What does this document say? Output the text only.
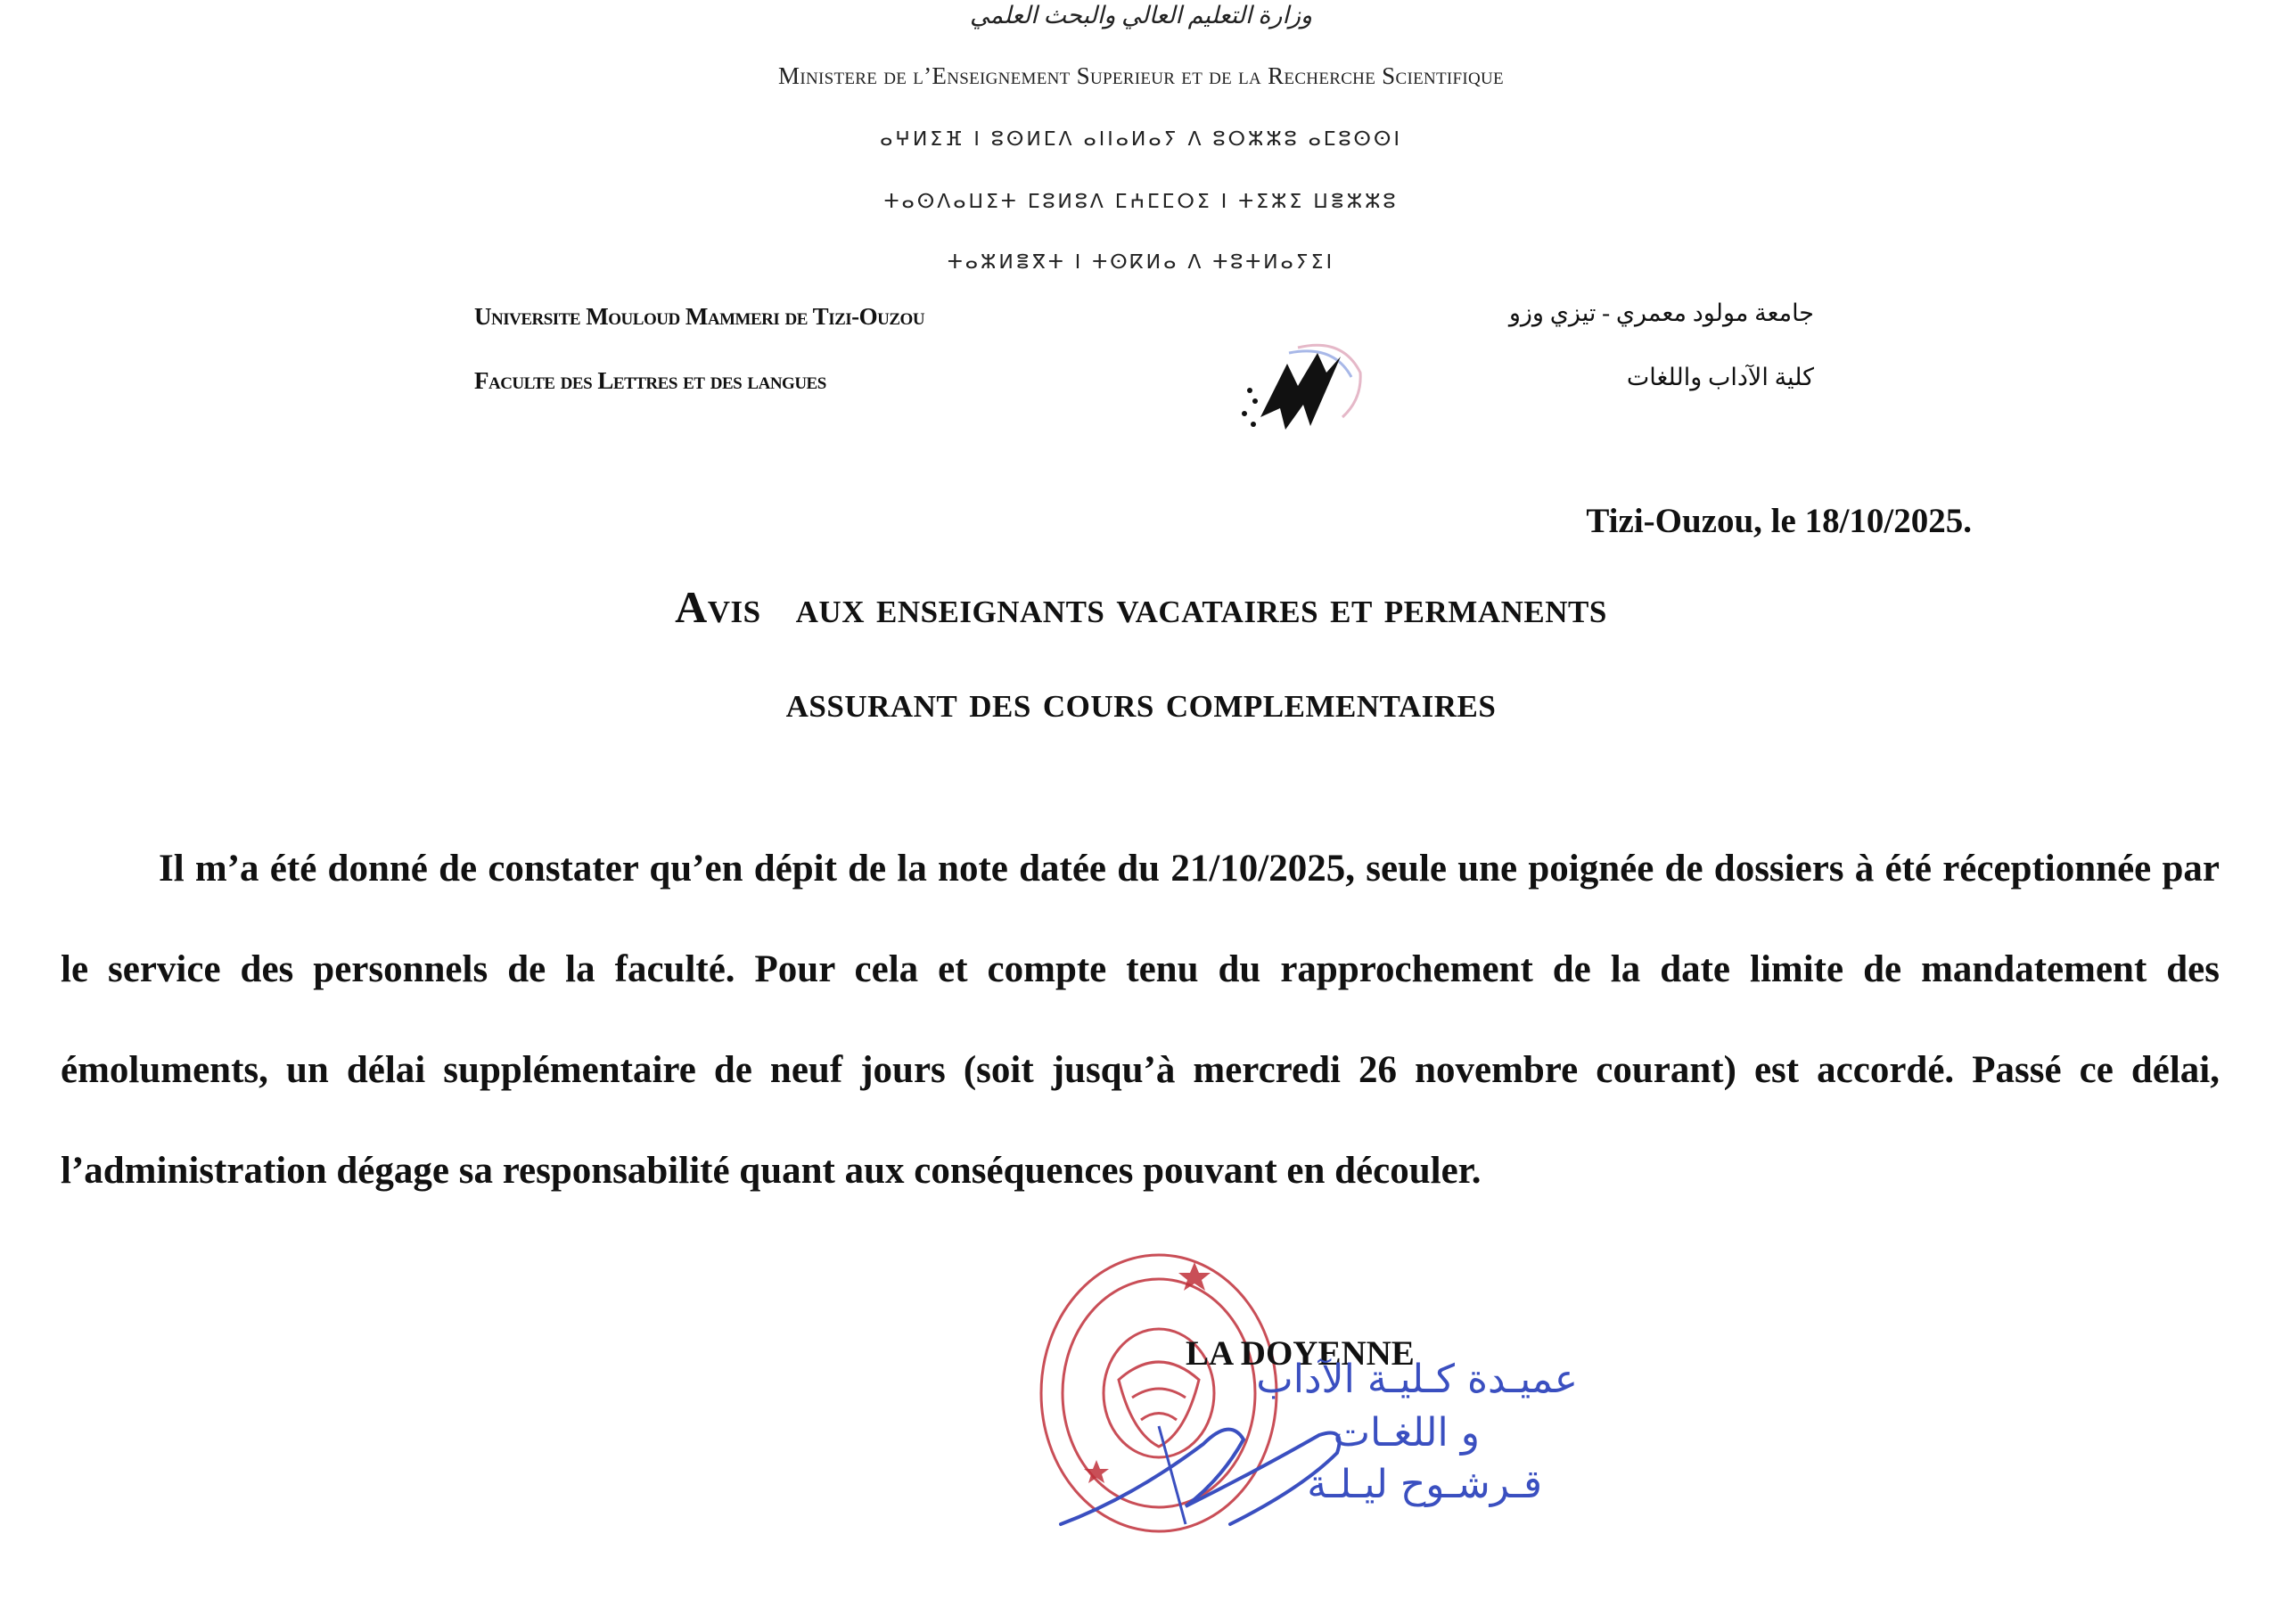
وزارة التعليم العالي والبحث العلمي
Ministere de l’Enseignement Superieur et de la Recherche Scientifique
ⴰⵖⵍⵉⴼ ⵏ ⵓⵙⵍⵎⴷ ⴰⵏⵏⴰⵍⴰⵢ ⴷ ⵓⵔⵣⵣⵓ ⴰⵎⵓⵙⵙⵏ
ⵜⴰⵙⴷⴰⵡⵉⵜ ⵎⵓⵍⵓⴷ ⵎⵄⵎⵎⵔⵉ ⵏ ⵜⵉⵣⵉ ⵡⴻⵣⵣⵓ
ⵜⴰⵣⵍⴻⴳⵜ ⵏ ⵜⵙⴽⵍⴰ ⴷ ⵜⵓⵜⵍⴰⵢⵉⵏ
Universite Mouloud Mammeri de Tizi-Ouzou
Faculte des Lettres et des langues
جامعة مولود معمري - تيزي وزو
كلية الآداب واللغات
Tizi-Ouzou, le 18/10/2025.
Avis   aux enseignants vacataires et permanents
assurant des cours complementaires

Il m’a été donné de constater qu’en dépit de la note datée du 21/10/2025, seule une poignée de dossiers à été réceptionnée par le service des personnels de la faculté. Pour cela et compte tenu du rapprochement de la date limite de mandatement des émoluments, un délai supplémentaire de neuf jours (soit jusqu’à mercredi 26 novembre courant) est accordé. Passé ce délai, l’administration dégage sa responsabilité quant aux conséquences pouvant en découler.

LA DOYENNE
عميـدة كـليـة الآداب
و اللغـات
قـرشـوح ليـلـة
